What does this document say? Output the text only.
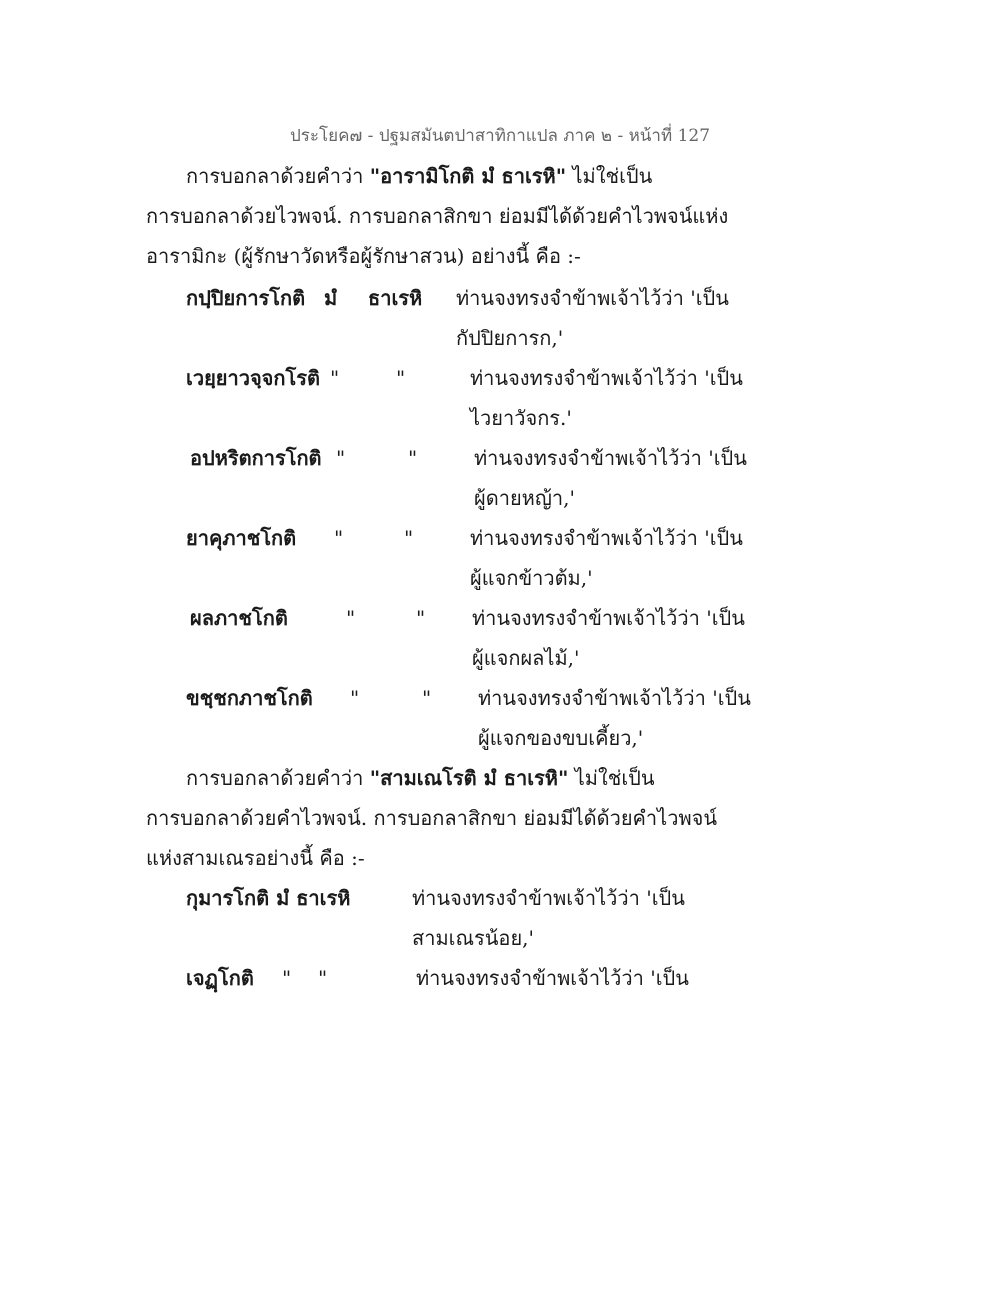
ประโยค๗ - ปฐมสมันตปาสาทิกาแปล ภาค ๒ - หน้าที่ 127
การบอกลาด้วยคำว่า "อารามิโกติ มํ ธาเรหิ" ไม่ใช่เป็น
การบอกลาด้วยไวพจน์. การบอกลาสิกขา ย่อมมีได้ด้วยคำไวพจน์แห่ง
อารามิกะ (ผู้รักษาวัดหรือผู้รักษาสวน) อย่างนี้ คือ :-
กปฺปิยการโกติ มํ ธาเรหิ ท่านจงทรงจำข้าพเจ้าไว้ว่า 'เป็น
กัปปิยการก,'
เวยฺยาวจฺจกโรติ "	"	ท่านจงทรงจำข้าพเจ้าไว้ว่า 'เป็น
ไวยาวัจกร.'
อปหริตการโกติ "	"	ท่านจงทรงจำข้าพเจ้าไว้ว่า 'เป็น
ผู้ดายหญ้า,'
ยาคุภาชโกติ "	"	ท่านจงทรงจำข้าพเจ้าไว้ว่า 'เป็น
ผู้แจกข้าวต้ม,'
ผลภาชโกติ	"	" ท่านจงทรงจำข้าพเจ้าไว้ว่า 'เป็น
ผู้แจกผลไม้,'
ขชฺชกภาชโกติ "	" ท่านจงทรงจำข้าพเจ้าไว้ว่า 'เป็น
ผู้แจกของขบเคี้ยว,'
การบอกลาด้วยคำว่า "สามเณโรติ มํ ธาเรหิ" ไม่ใช่เป็น
การบอกลาด้วยคำไวพจน์. การบอกลาสิกขา ย่อมมีได้ด้วยคำไวพจน์
แห่งสามเณรอย่างนี้ คือ :-
กุมารโกติ มํ ธาเรหิ	ท่านจงทรงจำข้าพเจ้าไว้ว่า 'เป็น
สามเณรน้อย,'
เจฏฺโกติ " "	ท่านจงทรงจำข้าพเจ้าไว้ว่า 'เป็น
